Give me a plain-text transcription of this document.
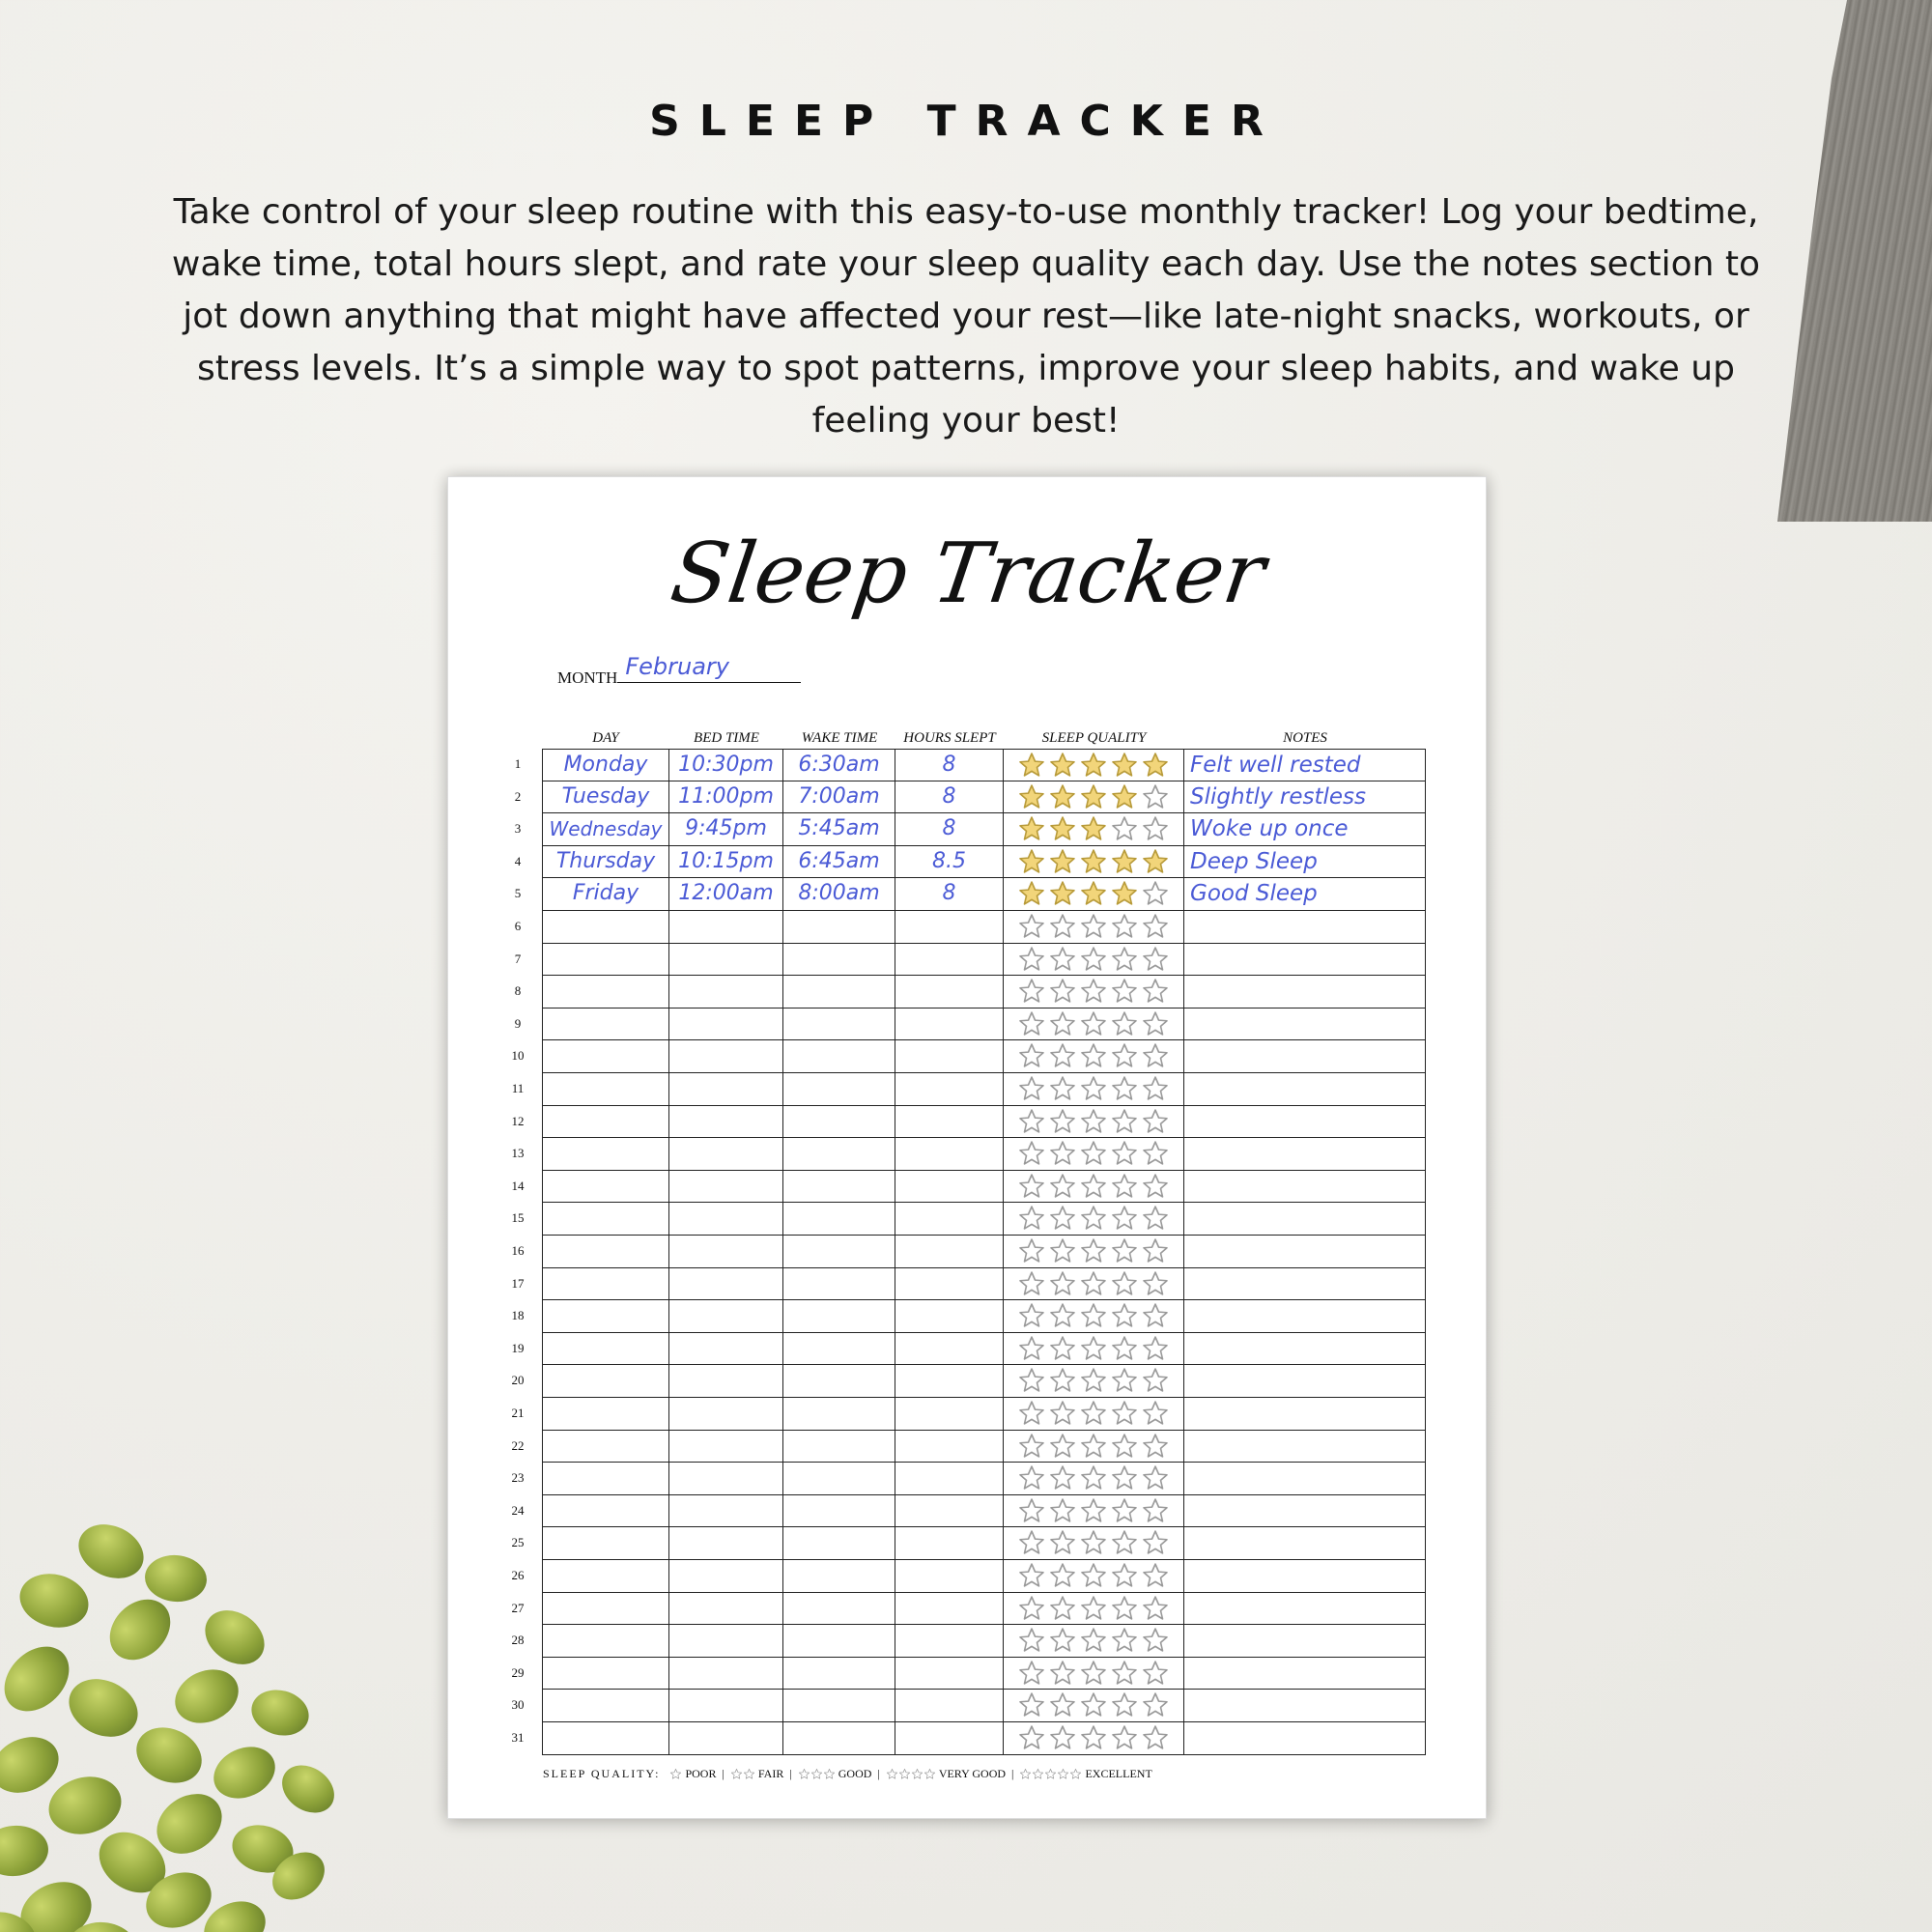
SLEEP TRACKER
Take control of your sleep routine with this easy-to-use monthly tracker! Log your bedtime, wake time, total hours slept, and rate your sleep quality each day. Use the notes section to jot down anything that might have affected your rest—like late-night snacks, workouts, or stress levels. It’s a simple way to spot patterns, improve your sleep habits, and wake up feeling your best!
Sleep Tracker
MONTH February
DAY	BED TIME	WAKE TIME	HOURS SLEPT	SLEEP QUALITY	NOTES
1	Monday	10:30pm	6:30am	8	Felt well rested
2	Tuesday	11:00pm	7:00am	8	Slightly restless
3	Wednesday	9:45pm	5:45am	8	Woke up once
4	Thursday	10:15pm	6:45am	8.5	Deep Sleep
5	Friday	12:00am	8:00am	8	Good Sleep
6
7
8
9
10
11
12
13
14
15
16
17
18
19
20
21
22
23
24
25
26
27
28
29
30
31
SLEEP QUALITY: POOR |	FAIR |	GOOD |	VERY GOOD |	EXCELLENT
